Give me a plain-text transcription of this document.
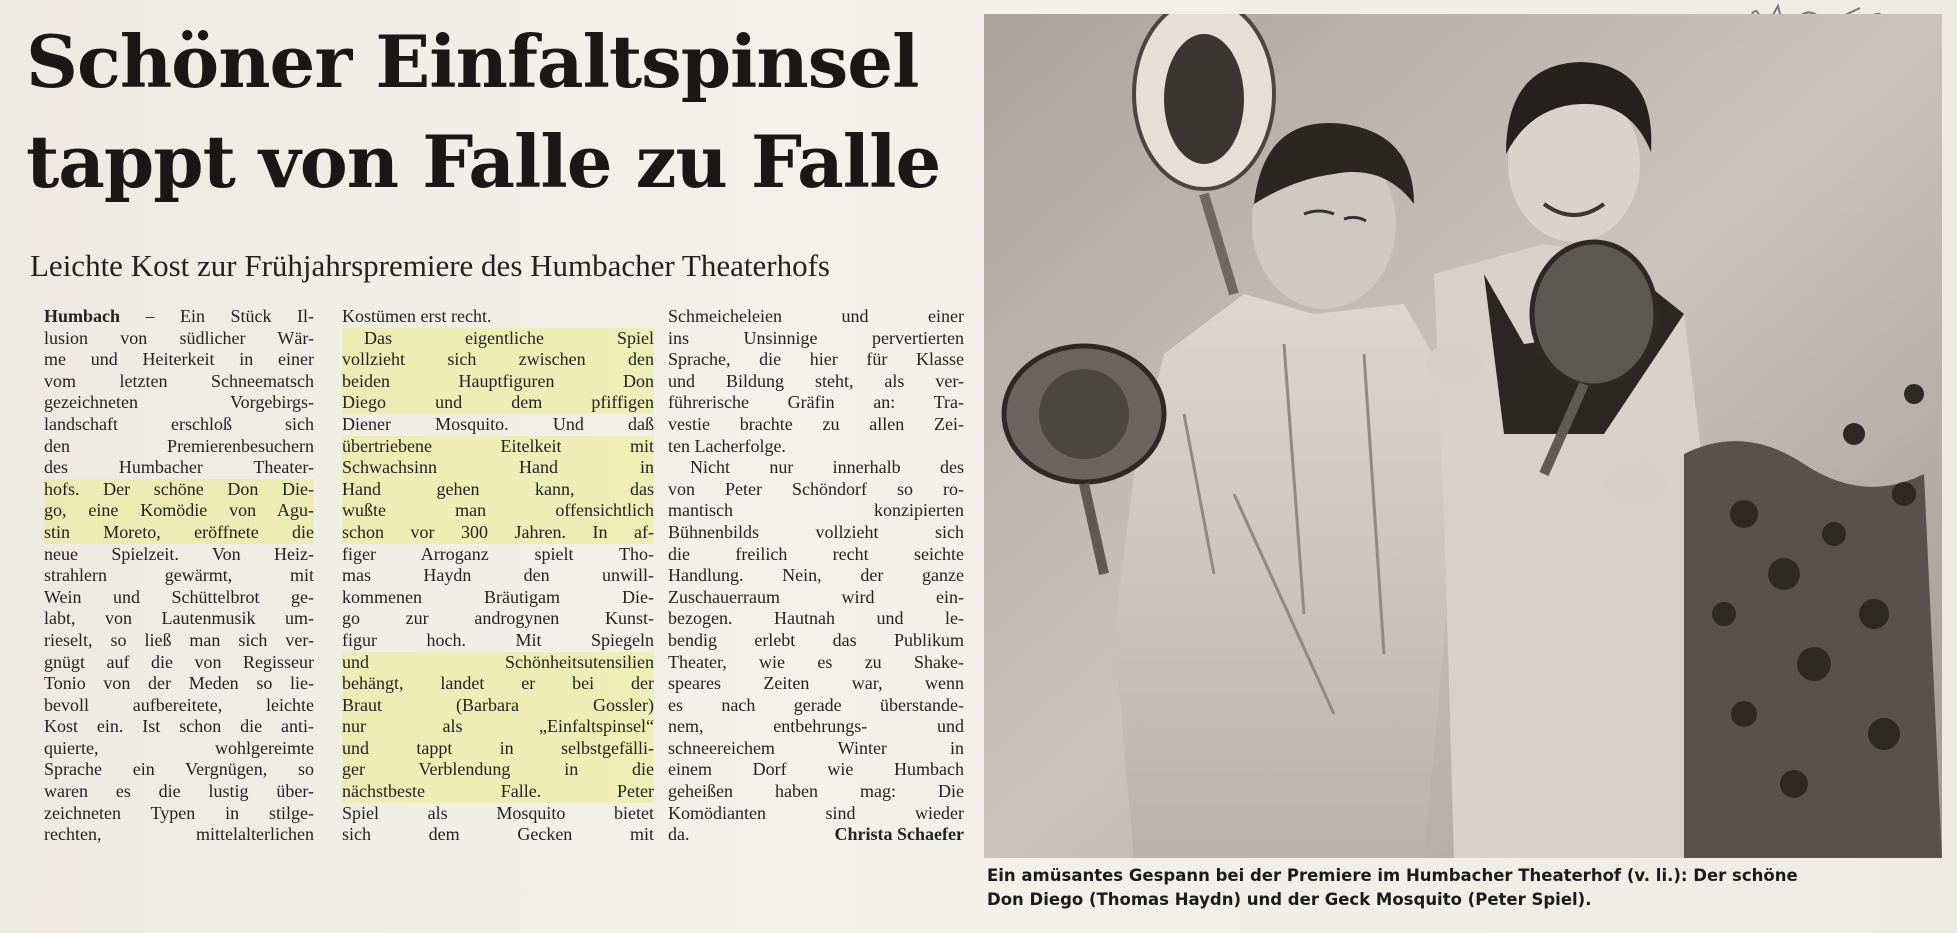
Schöner Einfaltspinsel
tappt von Falle zu Falle
Leichte Kost zur Frühjahrspremiere des Humbacher Theaterhofs
Humbach – Ein Stück Il-
lusion von südlicher Wär-
me und Heiterkeit in einer
vom letzten Schneematsch
gezeichneten Vorgebirgs-
landschaft erschloß sich
den Premierenbesuchern
des Humbacher Theater-
hofs. Der schöne Don Die-
go, eine Komödie von Agu-
stin Moreto, eröffnete die
neue Spielzeit. Von Heiz-
strahlern gewärmt, mit
Wein und Schüttelbrot ge-
labt, von Lautenmusik um-
rieselt, so ließ man sich ver-
gnügt auf die von Regisseur
Tonio von der Meden so lie-
bevoll aufbereitete, leichte
Kost ein. Ist schon die anti-
quierte, wohlgereimte
Sprache ein Vergnügen, so
waren es die lustig über-
zeichneten Typen in stilge-
rechten, mittelalterlichen
Kostümen erst recht.
Das eigentliche Spiel
vollzieht sich zwischen den
beiden Hauptfiguren Don
Diego und dem pfiffigen
Diener Mosquito. Und daß
übertriebene Eitelkeit mit
Schwachsinn Hand in
Hand gehen kann, das
wußte man offensichtlich
schon vor 300 Jahren. In af-
figer Arroganz spielt Tho-
mas Haydn den unwill-
kommenen Bräutigam Die-
go zur androgynen Kunst-
figur hoch. Mit Spiegeln
und Schönheitsutensilien
behängt, landet er bei der
Braut (Barbara Gossler)
nur als „Einfaltspinsel“
und tappt in selbstgefälli-
ger Verblendung in die
nächstbeste Falle. Peter
Spiel als Mosquito bietet
sich dem Gecken mit
Schmeicheleien und einer
ins Unsinnige pervertierten
Sprache, die hier für Klasse
und Bildung steht, als ver-
führerische Gräfin an: Tra-
vestie brachte zu allen Zei-
ten Lacherfolge.
Nicht nur innerhalb des
von Peter Schöndorf so ro-
mantisch konzipierten
Bühnenbilds vollzieht sich
die freilich recht seichte
Handlung. Nein, der ganze
Zuschauerraum wird ein-
bezogen. Hautnah und le-
bendig erlebt das Publikum
Theater, wie es zu Shake-
speares Zeiten war, wenn
es nach gerade überstande-
nem, entbehrungs- und
schneereichem Winter in
einem Dorf wie Humbach
geheißen haben mag: Die
Komödianten sind wieder
da.	Christa Schaefer
Ein amüsantes Gespann bei der Premiere im Humbacher Theaterhof (v. li.): Der schöne
Don Diego (Thomas Haydn) und der Geck Mosquito (Peter Spiel).
